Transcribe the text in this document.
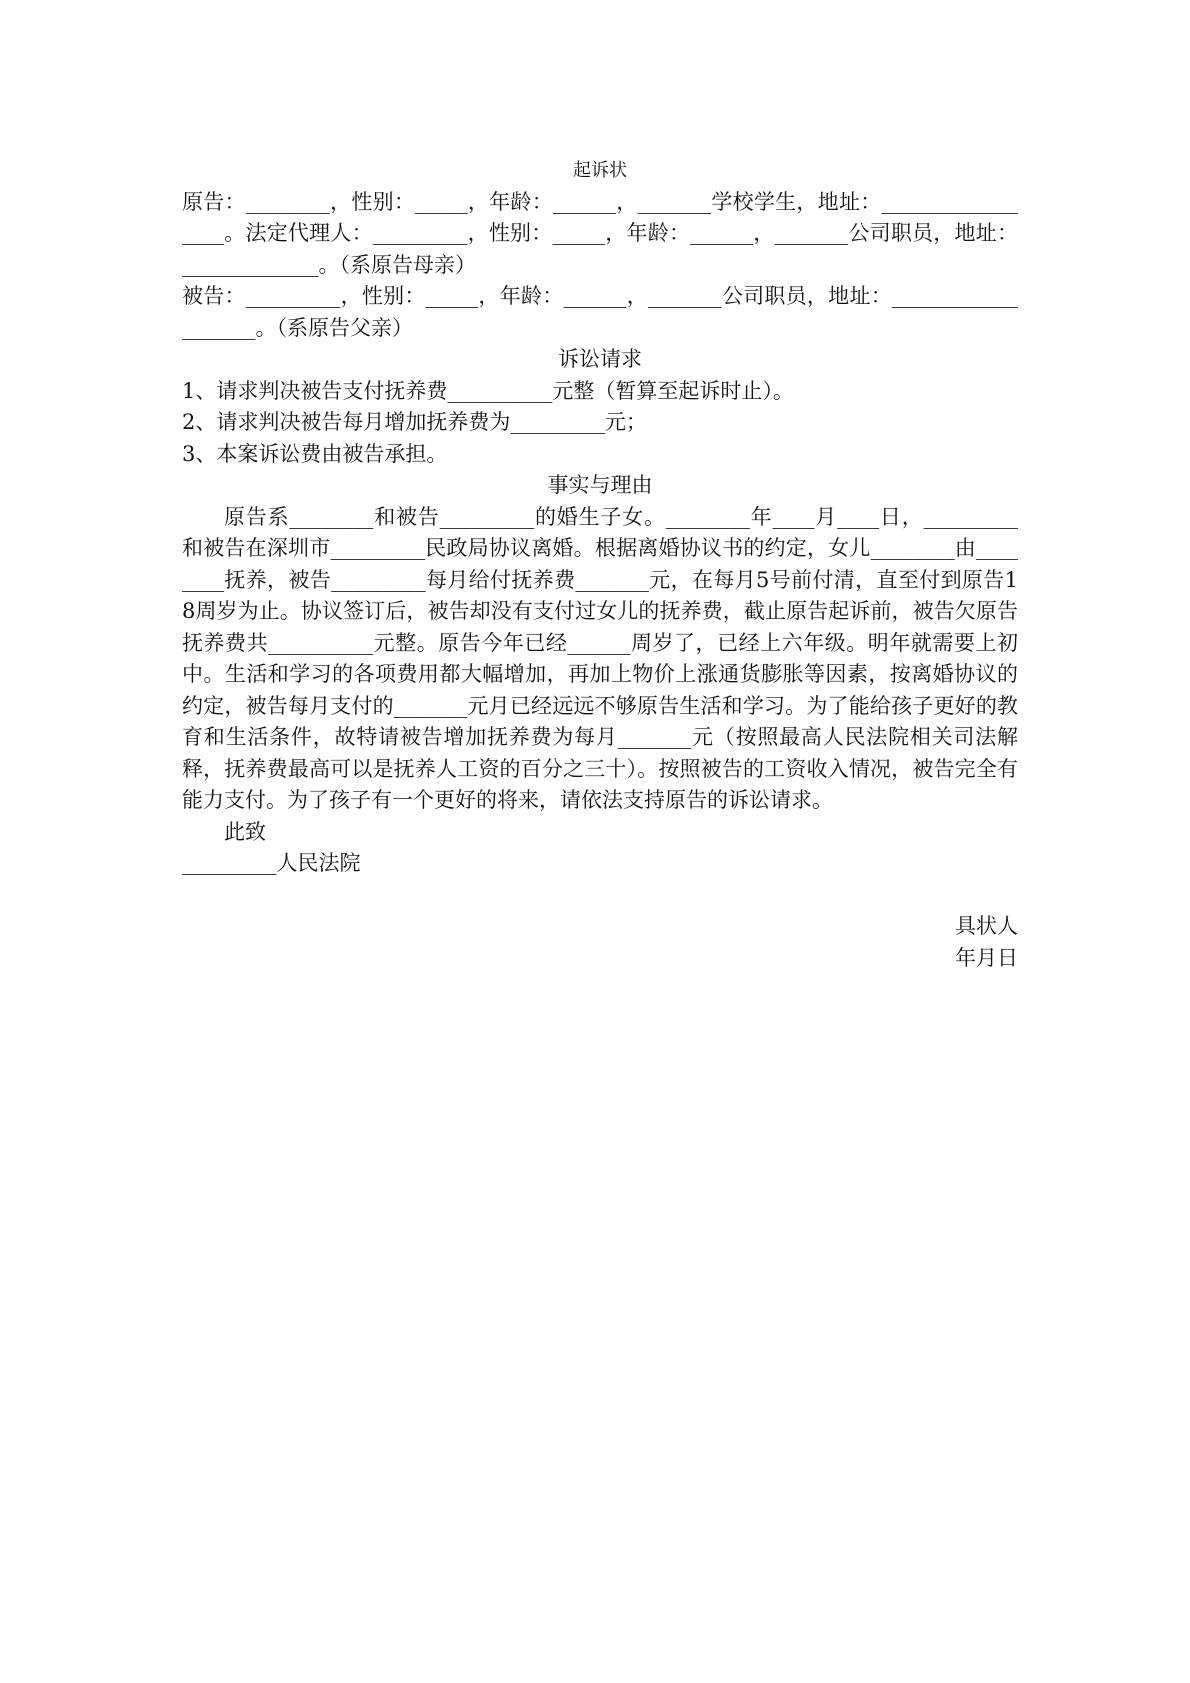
起诉状

原告：________，性别：_____，年龄：______，_______学校学生，地址：_________________。法定代理人：_________，性别：_____，年龄：______，_______公司职员，地址：_____________。（系原告母亲）

被告：_________，性别：_____，年龄：______，_______公司职员，地址：___________________。（系原告父亲）

诉讼请求

1、请求判决被告支付抚养费__________元整（暂算至起诉时止）。

2、请求判决被告每月增加抚养费为_________元；

3、本案诉讼费由被告承担。

事实与理由

原告系________和被告_________的婚生子女。________年____月____日，_________和被告在深圳市_________民政局协议离婚。根据离婚协议书的约定，女儿________由________抚养，被告_________每月给付抚养费_______元，在每月5号前付清，直至付到原告18周岁为止。协议签订后，被告却没有支付过女儿的抚养费，截止原告起诉前，被告欠原告抚养费共__________元整。原告今年已经______周岁了，已经上六年级。明年就需要上初中。生活和学习的各项费用都大幅增加，再加上物价上涨通货膨胀等因素，按离婚协议的约定，被告每月支付的_______元月已经远远不够原告生活和学习。为了能给孩子更好的教育和生活条件，故特请被告增加抚养费为每月_______元（按照最高人民法院相关司法解释，抚养费最高可以是抚养人工资的百分之三十）。按照被告的工资收入情况，被告完全有能力支付。为了孩子有一个更好的将来，请依法支持原告的诉讼请求。

此致

_________人民法院

具状人

年月日
